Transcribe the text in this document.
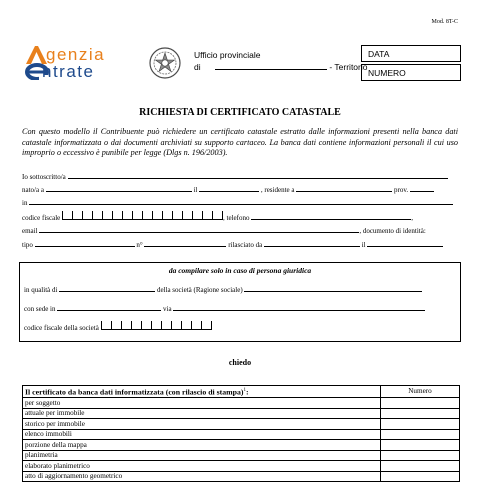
Mod. 8T-C
genzia
ntrate
Ufficio provinciale
di	- Territorio
DATA
NUMERO
RICHIESTA DI CERTIFICATO CATASTALE
Con questo modello il Contribuente può richiedere un certificato catastale estratto dalle informazioni presenti nella banca dati catastale informatizzata o dai documenti archiviati su supporto cartaceo. La banca dati contiene informazioni personali il cui uso improprio o eccessivo è punibile per legge (Dlgs n. 196/2003).
Io sottoscritto/a
nato/a a	il	, residente a	prov.
in
codice fiscale	, telefono	,
email	, documento di identità:
tipo	n°	rilasciato da	il
da compilare solo in caso di persona giuridica
in qualità di	della società (Ragione sociale)
con sede in	via
codice fiscale della società
chiedo
Il certificato da banca dati informatizzata (con rilascio di stampa)$^1$:	Numero
per soggetto	
attuale per immobile	
storico per immobile	
elenco immobili	
porzione della mappa	
planimetria	
elaborato planimetrico	
atto di aggiornamento geometrico	
